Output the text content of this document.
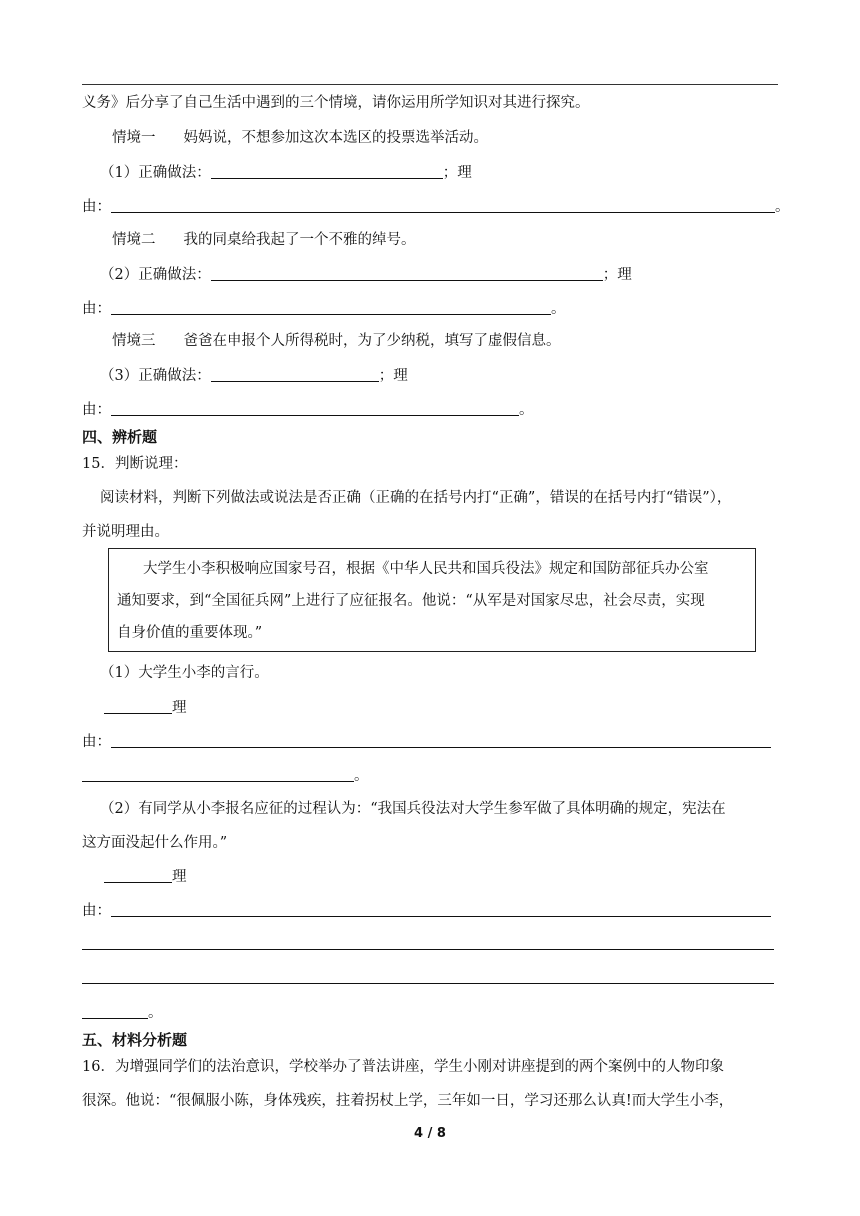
义务》后分享了自己生活中遇到的三个情境，请你运用所学知识对其进行探究。
情境一 妈妈说，不想参加这次本选区的投票选举活动。
（1）正确做法：	；理
由：	。
情境二 我的同桌给我起了一个不雅的绰号。
（2）正确做法：	；理
由：	。
情境三 爸爸在申报个人所得税时，为了少纳税，填写了虚假信息。
（3）正确做法：	；理
由：	。
四、辨析题
15．判断说理：
阅读材料，判断下列做法或说法是否正确（正确的在括号内打“正确”，错误的在括号内打“错误”），
并说明理由。
大学生小李积极响应国家号召，根据《中华人民共和国兵役法》规定和国防部征兵办公室
通知要求，到“全国征兵网”上进行了应征报名。他说：“从军是对国家尽忠，社会尽责，实现
自身价值的重要体现。”
（1）大学生小李的言行。
理
由：
。
（2）有同学从小李报名应征的过程认为：“我国兵役法对大学生参军做了具体明确的规定，宪法在
这方面没起什么作用。”
理
由：
。
五、材料分析题
16．为增强同学们的法治意识，学校举办了普法讲座，学生小刚对讲座提到的两个案例中的人物印象
很深。他说：“很佩服小陈，身体残疾，拄着拐杖上学，三年如一日，学习还那么认真!而大学生小李，
4 / 8
